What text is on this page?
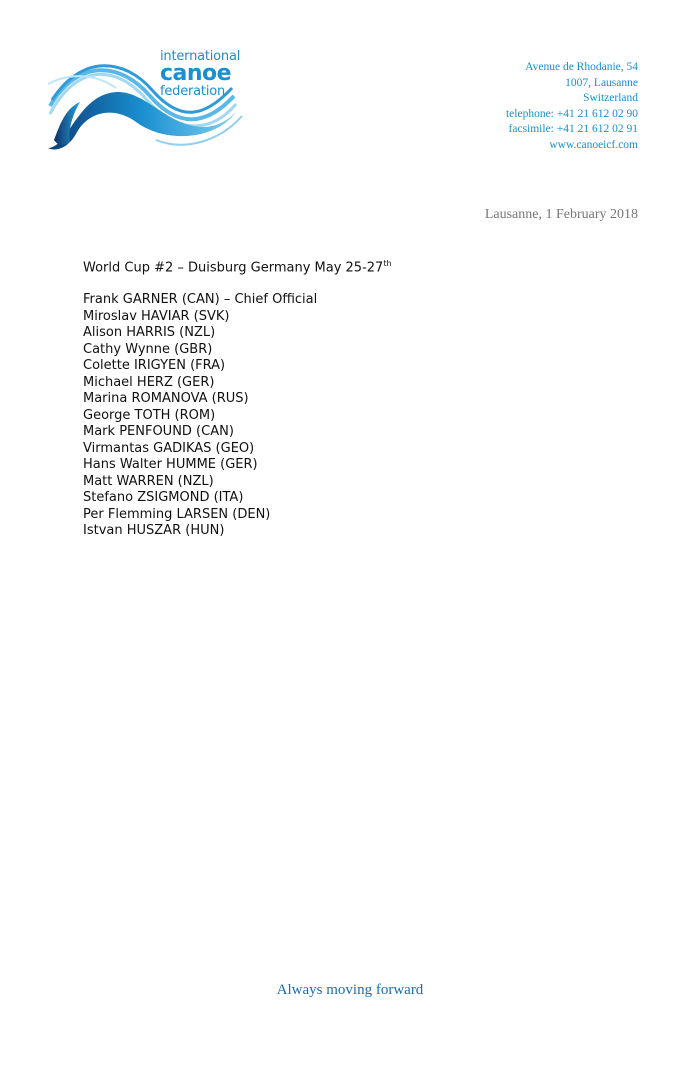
international
canoe
federation
Avenue de Rhodanie, 54
1007, Lausanne
Switzerland
telephone: +41 21 612 02 90
facsimile: +41 21 612 02 91
www.canoeicf.com
Lausanne, 1 February 2018
World Cup #2 – Duisburg Germany May 25-27th
Frank GARNER (CAN) – Chief Official
Miroslav HAVIAR (SVK)
Alison HARRIS (NZL)
Cathy Wynne (GBR)
Colette IRIGYEN (FRA)
Michael HERZ (GER)
Marina ROMANOVA (RUS)
George TOTH (ROM)
Mark PENFOUND (CAN)
Virmantas GADIKAS (GEO)
Hans Walter HUMME (GER)
Matt WARREN (NZL)
Stefano ZSIGMOND (ITA)
Per Flemming LARSEN (DEN)
Istvan HUSZAR (HUN)
Always moving forward
